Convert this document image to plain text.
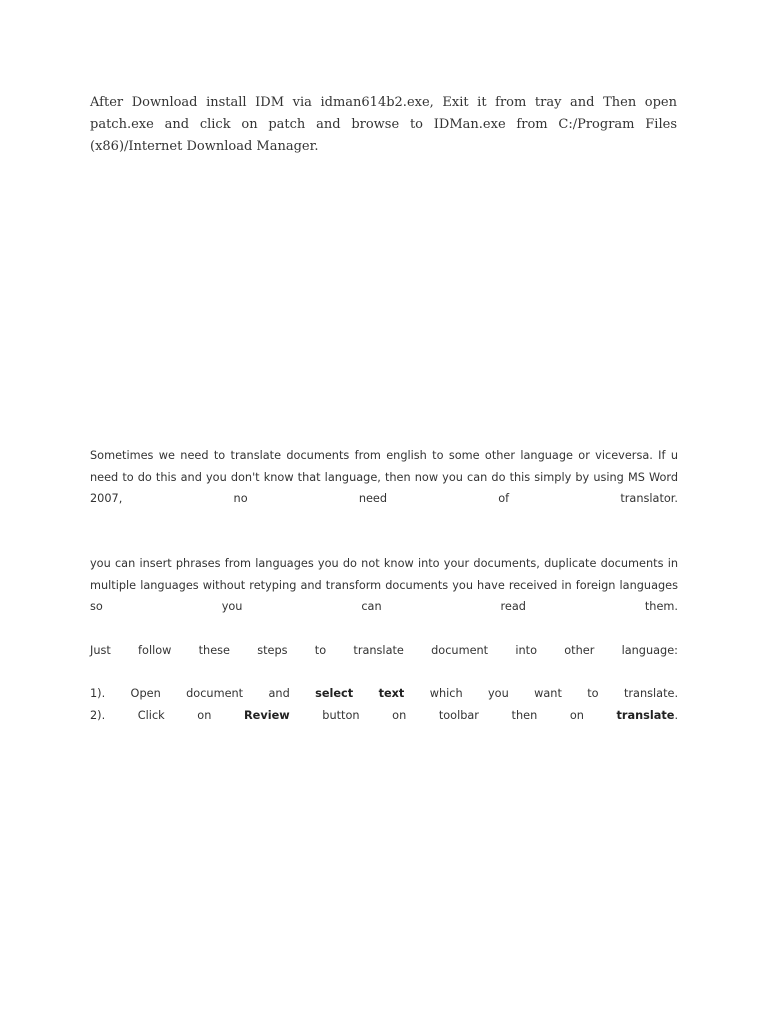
After Download install IDM via idman614b2.exe, Exit it from tray and Then open patch.exe and click on patch and browse to IDMan.exe from C:/Program Files (x86)/Internet Download Manager.

Sometimes we need to translate documents from english to some other language or viceversa. If u need to do this and you don't know that language, then now you can do this simply by using MS Word 2007, no need of translator.

you can insert phrases from languages you do not know into your documents, duplicate documents in multiple languages without retyping and transform documents you have received in foreign languages so you can read them.

Just follow these steps to translate document into other language:

1). Open document and select text which you want to translate.

2). Click on	Review	button on toolbar then on	translate.
